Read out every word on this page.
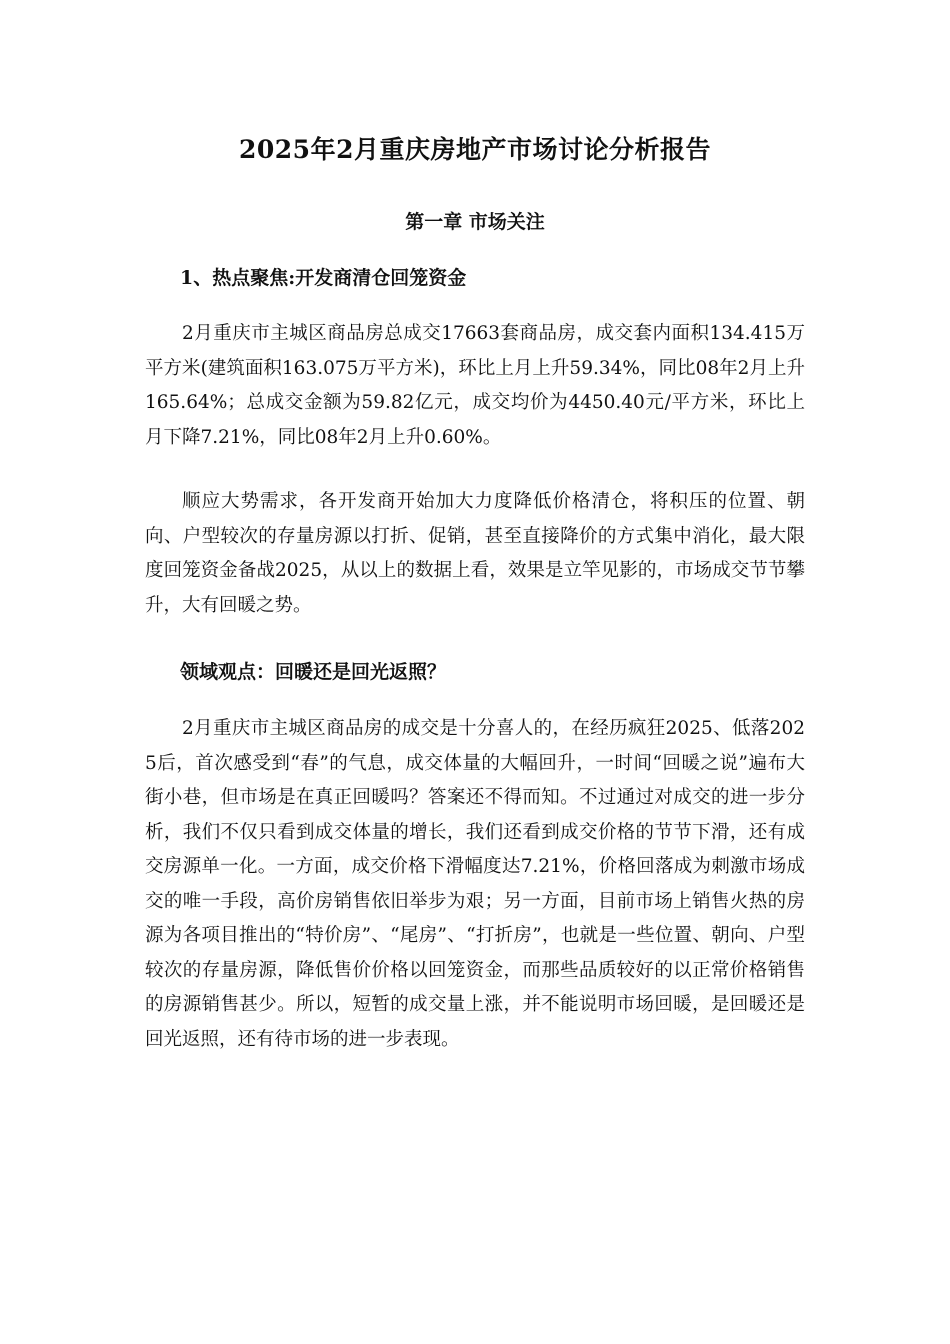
2025年2月重庆房地产市场讨论分析报告
第一章 市场关注
1、热点聚焦:开发商清仓回笼资金

2月重庆市主城区商品房总成交17663套商品房，成交套内面积134.415万平方米(建筑面积163.075万平方米)，环比上月上升59.34%，同比08年2月上升165.64%；总成交金额为59.82亿元，成交均价为4450.40元/平方米，环比上月下降7.21%，同比08年2月上升0.60%。

顺应大势需求，各开发商开始加大力度降低价格清仓，将积压的位置、朝向、户型较次的存量房源以打折、促销，甚至直接降价的方式集中消化，最大限度回笼资金备战2025，从以上的数据上看，效果是立竿见影的，市场成交节节攀升，大有回暖之势。

领域观点：回暖还是回光返照？

2月重庆市主城区商品房的成交是十分喜人的，在经历疯狂2025、低落2025后，首次感受到“春”的气息，成交体量的大幅回升，一时间“回暖之说”遍布大街小巷，但市场是在真正回暖吗？答案还不得而知。不过通过对成交的进一步分析，我们不仅只看到成交体量的增长，我们还看到成交价格的节节下滑，还有成交房源单一化。一方面，成交价格下滑幅度达7.21%，价格回落成为刺激市场成交的唯一手段，高价房销售依旧举步为艰；另一方面，目前市场上销售火热的房源为各项目推出的“特价房”、“尾房”、“打折房”，也就是一些位置、朝向、户型较次的存量房源，降低售价价格以回笼资金，而那些品质较好的以正常价格销售的房源销售甚少。所以，短暂的成交量上涨，并不能说明市场回暖，是回暖还是回光返照，还有待市场的进一步表现。
